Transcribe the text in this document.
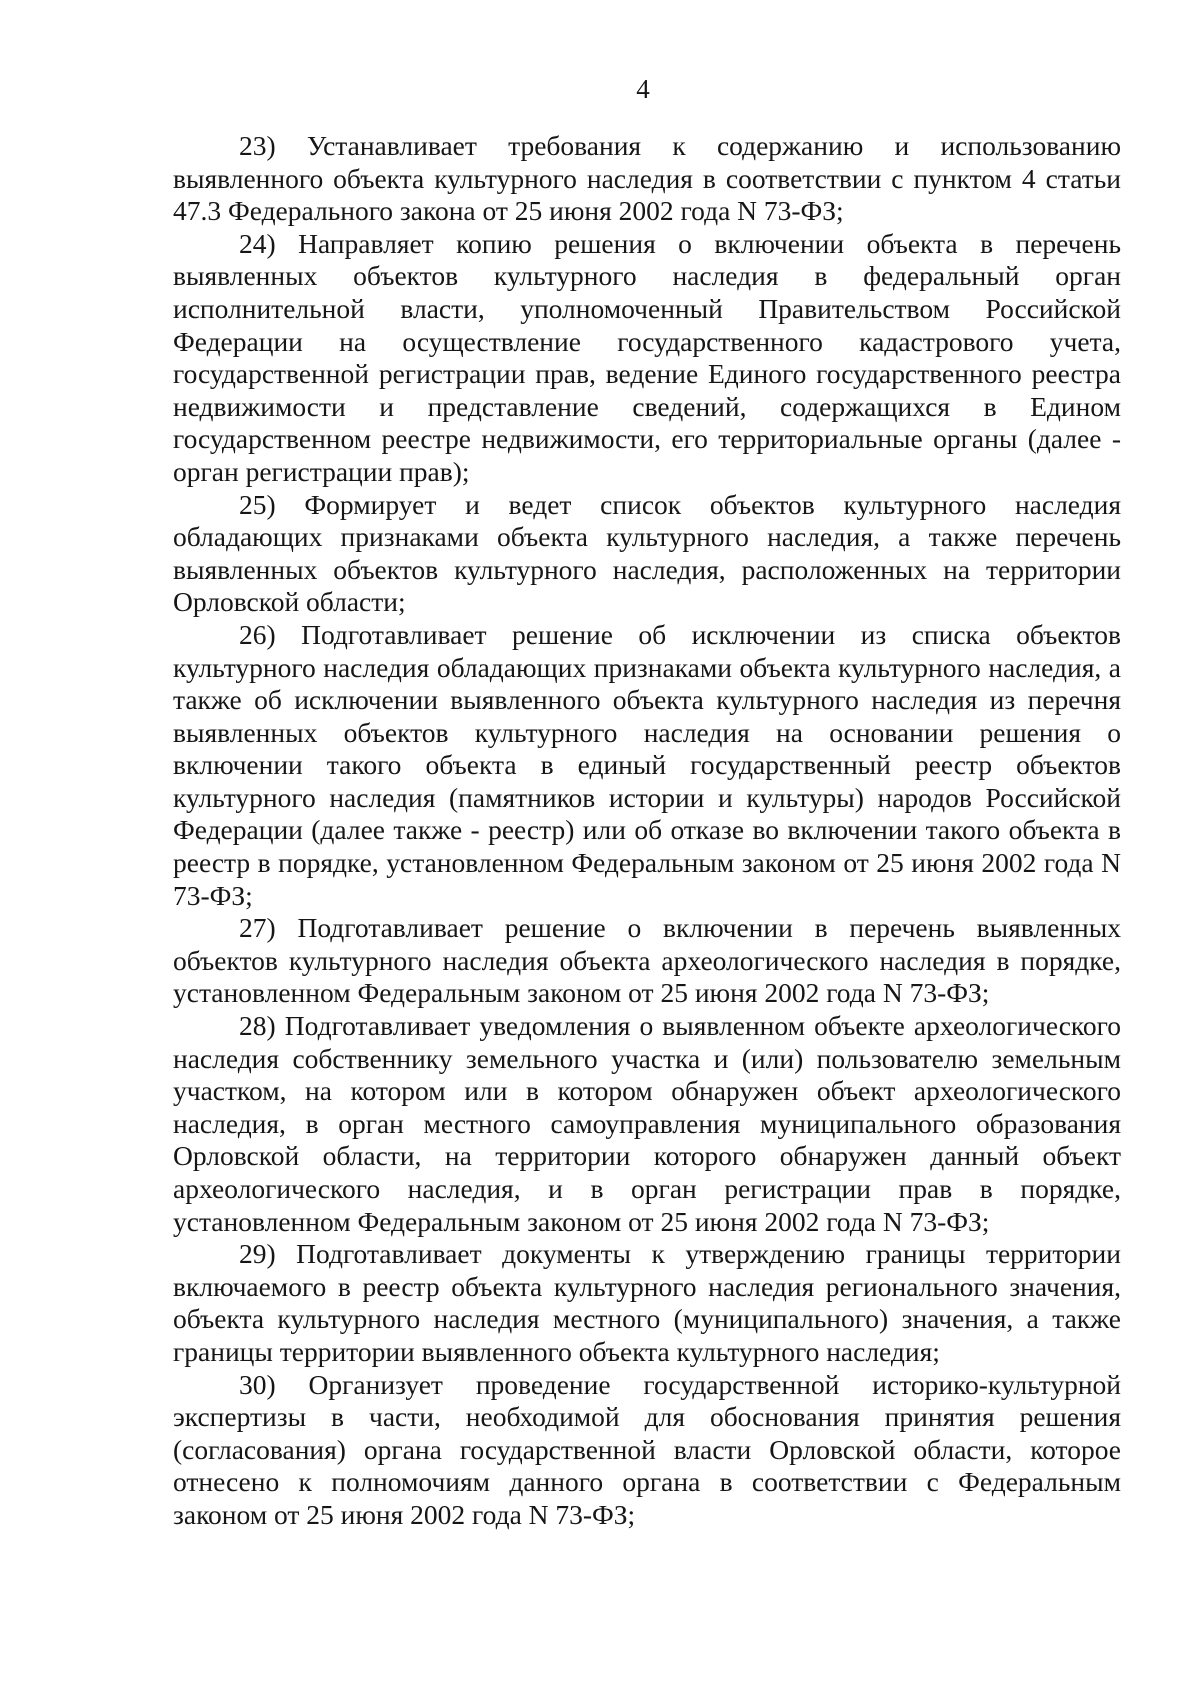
4

23) Устанавливает требования к содержанию и использованию выявленного объекта культурного наследия в соответствии с пунктом 4 статьи 47.3 Федерального закона от 25 июня 2002 года N 73-ФЗ;

24) Направляет копию решения о включении объекта в перечень выявленных объектов культурного наследия в федеральный орган исполнительной власти, уполномоченный Правительством Российской Федерации на осуществление государственного кадастрового учета, государственной регистрации прав, ведение Единого государственного реестра недвижимости и представление сведений, содержащихся в Едином государственном реестре недвижимости, его территориальные органы (далее - орган регистрации прав);

25) Формирует и ведет список объектов культурного наследия обладающих признаками объекта культурного наследия, а также перечень выявленных объектов культурного наследия, расположенных на территории Орловской области;

26) Подготавливает решение об исключении из списка объектов культурного наследия обладающих признаками объекта культурного наследия, а также об исключении выявленного объекта культурного наследия из перечня выявленных объектов культурного наследия на основании решения о включении такого объекта в единый государственный реестр объектов культурного наследия (памятников истории и культуры) народов Российской Федерации (далее также - реестр) или об отказе во включении такого объекта в реестр в порядке, установленном Федеральным законом от 25 июня 2002 года N 73-ФЗ;

27) Подготавливает решение о включении в перечень выявленных объектов культурного наследия объекта археологического наследия в порядке, установленном Федеральным законом от 25 июня 2002 года N 73-ФЗ;

28) Подготавливает уведомления о выявленном объекте археологического наследия собственнику земельного участка и (или) пользователю земельным участком, на котором или в котором обнаружен объект археологического наследия, в орган местного самоуправления муниципального образования Орловской области, на территории которого обнаружен данный объект археологического наследия, и в орган регистрации прав в порядке, установленном Федеральным законом от 25 июня 2002 года N 73-ФЗ;

29) Подготавливает документы к утверждению границы территории включаемого в реестр объекта культурного наследия регионального значения, объекта культурного наследия местного (муниципального) значения, а также границы территории выявленного объекта культурного наследия;

30) Организует проведение государственной историко-культурной экспертизы в части, необходимой для обоснования принятия решения (согласования) органа государственной власти Орловской области, которое отнесено к полномочиям данного органа в соответствии с Федеральным законом от 25 июня 2002 года N 73-ФЗ;
